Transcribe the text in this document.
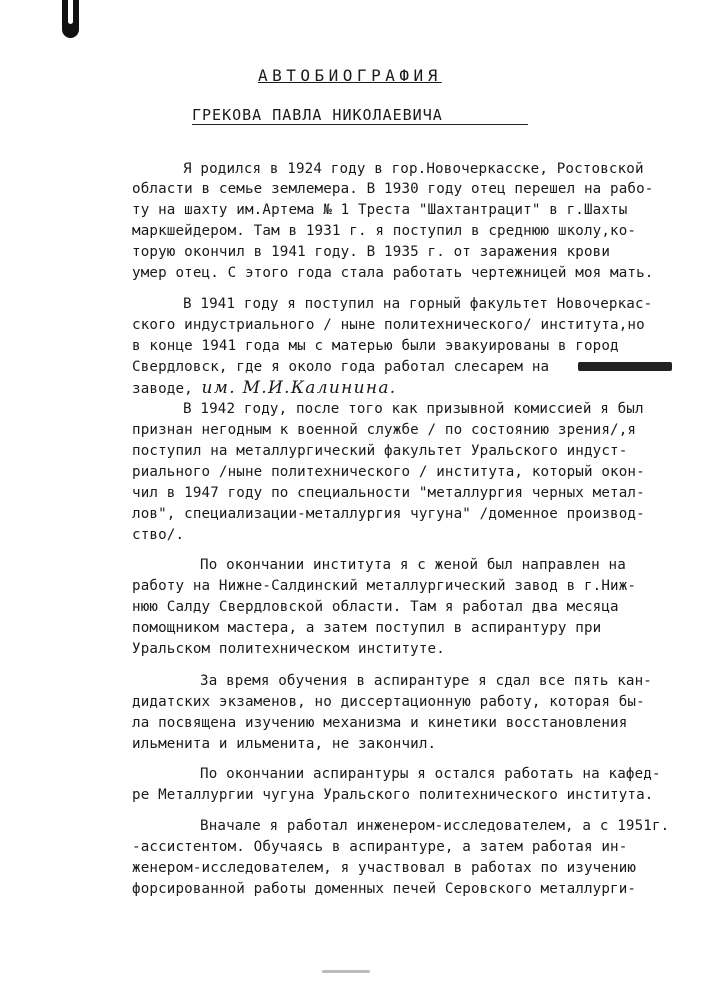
АВТОБИОГРАФИЯ
ГРЕКОВА ПАВЛА НИКОЛАЕВИЧА
Я родился в 1924 году в гор.Новочеркасске, Ростовской
области в семье землемера. В 1930 году отец перешел на рабо-
ту на шахту им.Артема № 1 Треста "Шахтантрацит" в г.Шахты
маркшейдером. Там в 1931 г. я поступил в среднюю школу,ко-
торую окончил в 1941 году. В 1935 г. от заражения крови
умер отец. С этого года стала работать чертежницей моя мать.
В 1941 году я поступил на горный факультет Новочеркас-
ского индустриального / ныне политехнического/ института,но
в конце 1941 года мы с матерью были эвакуированы в город
Свердловск, где я около года работал слесарем на
заводе, им. М.И.Калинина.
В 1942 году, после того как призывной комиссией я был
признан негодным к военной службе / по состоянию зрения/,я
поступил на металлургический факультет Уральского индуст-
риального /ныне политехнического / института, который окон-
чил в 1947 году по специальности "металлургия черных метал-
лов", специализации-металлургия чугуна" /доменное производ-
ство/.
По окончании института я с женой был направлен на
работу на Нижне-Салдинский металлургический завод в г.Ниж-
нюю Салду Свердловской области. Там я работал два месяца
помощником мастера, а затем поступил в аспирантуру при
Уральском политехническом институте.
За время обучения в аспирантуре я сдал все пять кан-
дидатских экзаменов, но диссертационную работу, которая бы-
ла посвящена изучению механизма и кинетики восстановления
ильменита и ильменита, не закончил.
По окончании аспирантуры я остался работать на кафед-
ре Металлургии чугуна Уральского политехнического института.
Вначале я работал инженером-исследователем, а с 1951г.
-ассистентом. Обучаясь в аспирантуре, а затем работая ин-
женером-исследователем, я участвовал в работах по изучению
форсированной работы доменных печей Серовского металлурги-
